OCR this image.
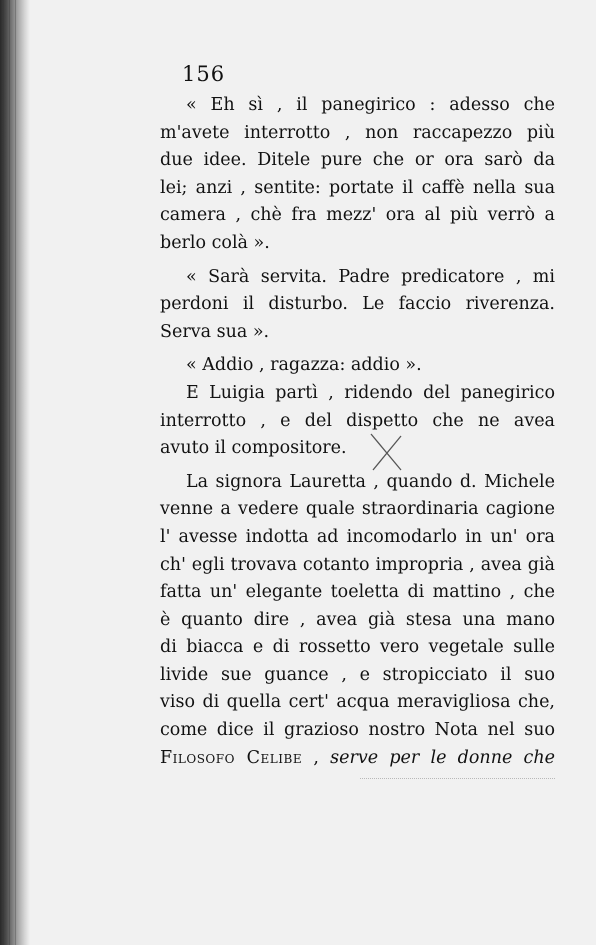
156

« Eh sì , il panegirico : adesso che
m'avete interrotto , non raccapezzo più
due idee. Ditele pure che or ora sarò da
lei; anzi , sentite: portate il caffè nella sua
camera , chè fra mezz' ora al più verrò a
berlo colà ».
« Sarà servita. Padre predicatore , mi
perdoni il disturbo. Le faccio riverenza.
Serva sua ».
« Addio , ragazza: addio ».
E Luigia partì , ridendo del panegirico
interrotto , e del dispetto che ne avea
avuto il compositore.
La signora Lauretta , quando d. Michele
venne a vedere quale straordinaria cagione
l' avesse indotta ad incomodarlo in un' ora
ch' egli trovava cotanto impropria , avea già
fatta un' elegante toeletta di mattino , che
è quanto dire , avea già stesa una mano
di biacca e di rossetto vero vegetale sulle
livide sue guance , e stropicciato il suo
viso di quella cert' acqua meravigliosa che,
come dice il grazioso nostro Nota nel suo
Filosofo Celibe , serve per le donne che
